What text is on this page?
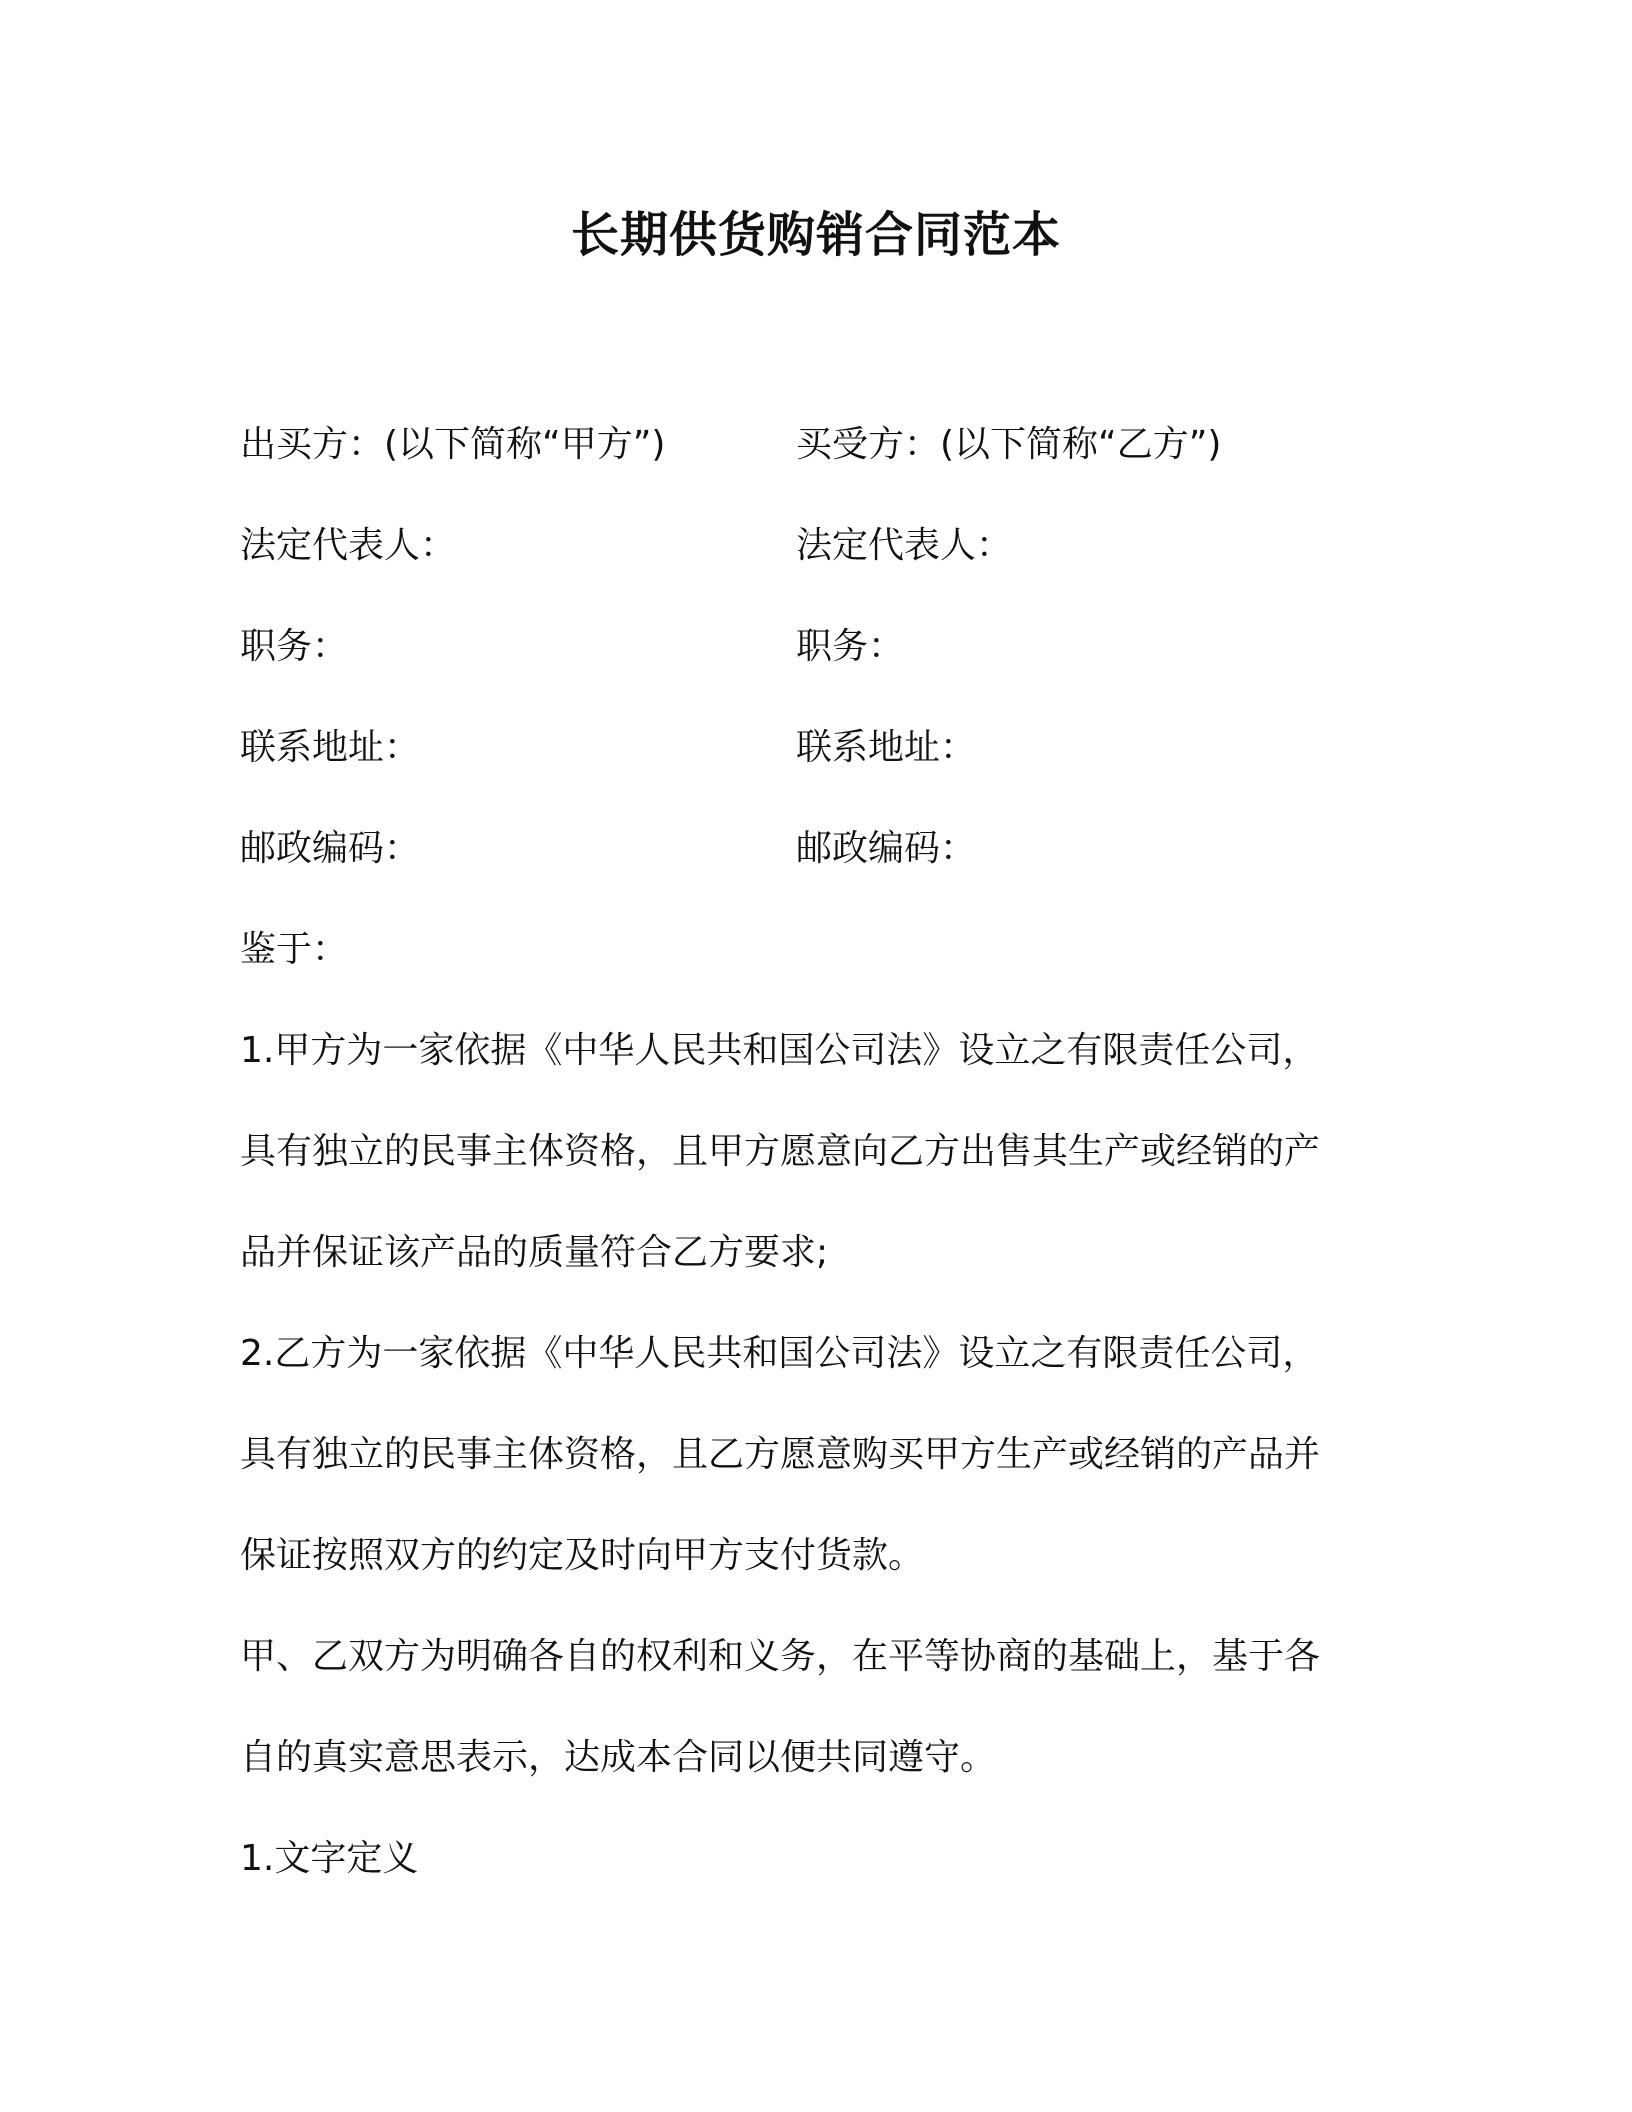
长期供货购销合同范本
出买方：(以下简称“甲方”)	买受方：(以下简称“乙方”)
法定代表人：	法定代表人：
职务：	职务：
联系地址：	联系地址：
邮政编码：	邮政编码：
鉴于：
1.甲方为一家依据《中华人民共和国公司法》设立之有限责任公司，
具有独立的民事主体资格，且甲方愿意向乙方出售其生产或经销的产
品并保证该产品的质量符合乙方要求;
2.乙方为一家依据《中华人民共和国公司法》设立之有限责任公司，
具有独立的民事主体资格，且乙方愿意购买甲方生产或经销的产品并
保证按照双方的约定及时向甲方支付货款。
甲、乙双方为明确各自的权利和义务，在平等协商的基础上，基于各
自的真实意思表示，达成本合同以便共同遵守。
1.文字定义
